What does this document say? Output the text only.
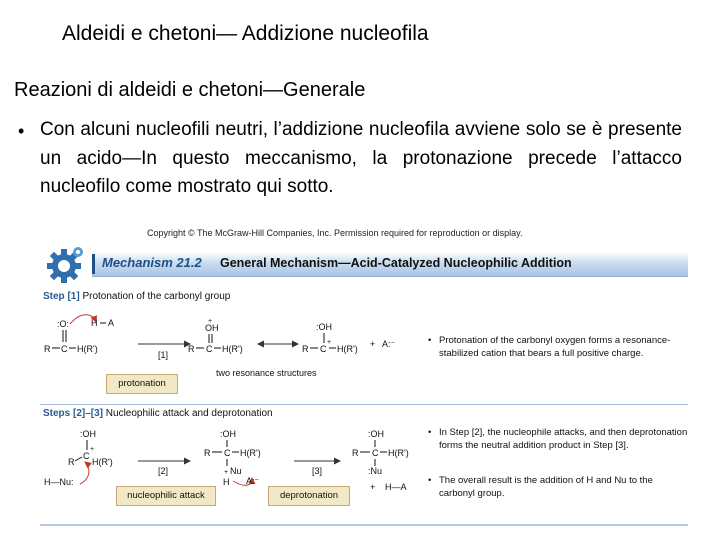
Aldeidi e chetoni— Addizione nucleofila
Reazioni di aldeidi e chetoni—Generale
• Con alcuni nucleofili neutri, l’addizione nucleofila avviene solo se è presente un acido—In questo meccanismo, la protonazione precede l’attacco nucleofilo come mostrato qui sotto.
Copyright © The McGraw-Hill Companies, Inc. Permission required for reproduction or display.
Mechanism 21.2 General Mechanism—Acid-Catalyzed Nucleophilic Addition
Step [1] Protonation of the carbonyl group
Steps [2]–[3] Nucleophilic attack and deprotonation
:O:
C
R	H(R')
H A
[1]
+
OH
C
R	H(R')
:OH
C
+
R	H(R') + A:⁻
two resonance structures
:OH
C
+
R H(R')
H—Nu:
[2]
:OH
C
R	H(R')
+ Nu
H A:⁻
[3]
:OH
C
R	H(R')
:Nu
+ H—A
protonation
nucleophilic attack	deprotonation
• Protonation of the carbonyl oxygen forms a resonance-stabilized cation that bears a full positive charge.
• In Step [2], the nucleophile attacks, and then deprotonation forms the neutral addition product in Step [3].
• The overall result is the addition of H and Nu to the carbonyl group.
